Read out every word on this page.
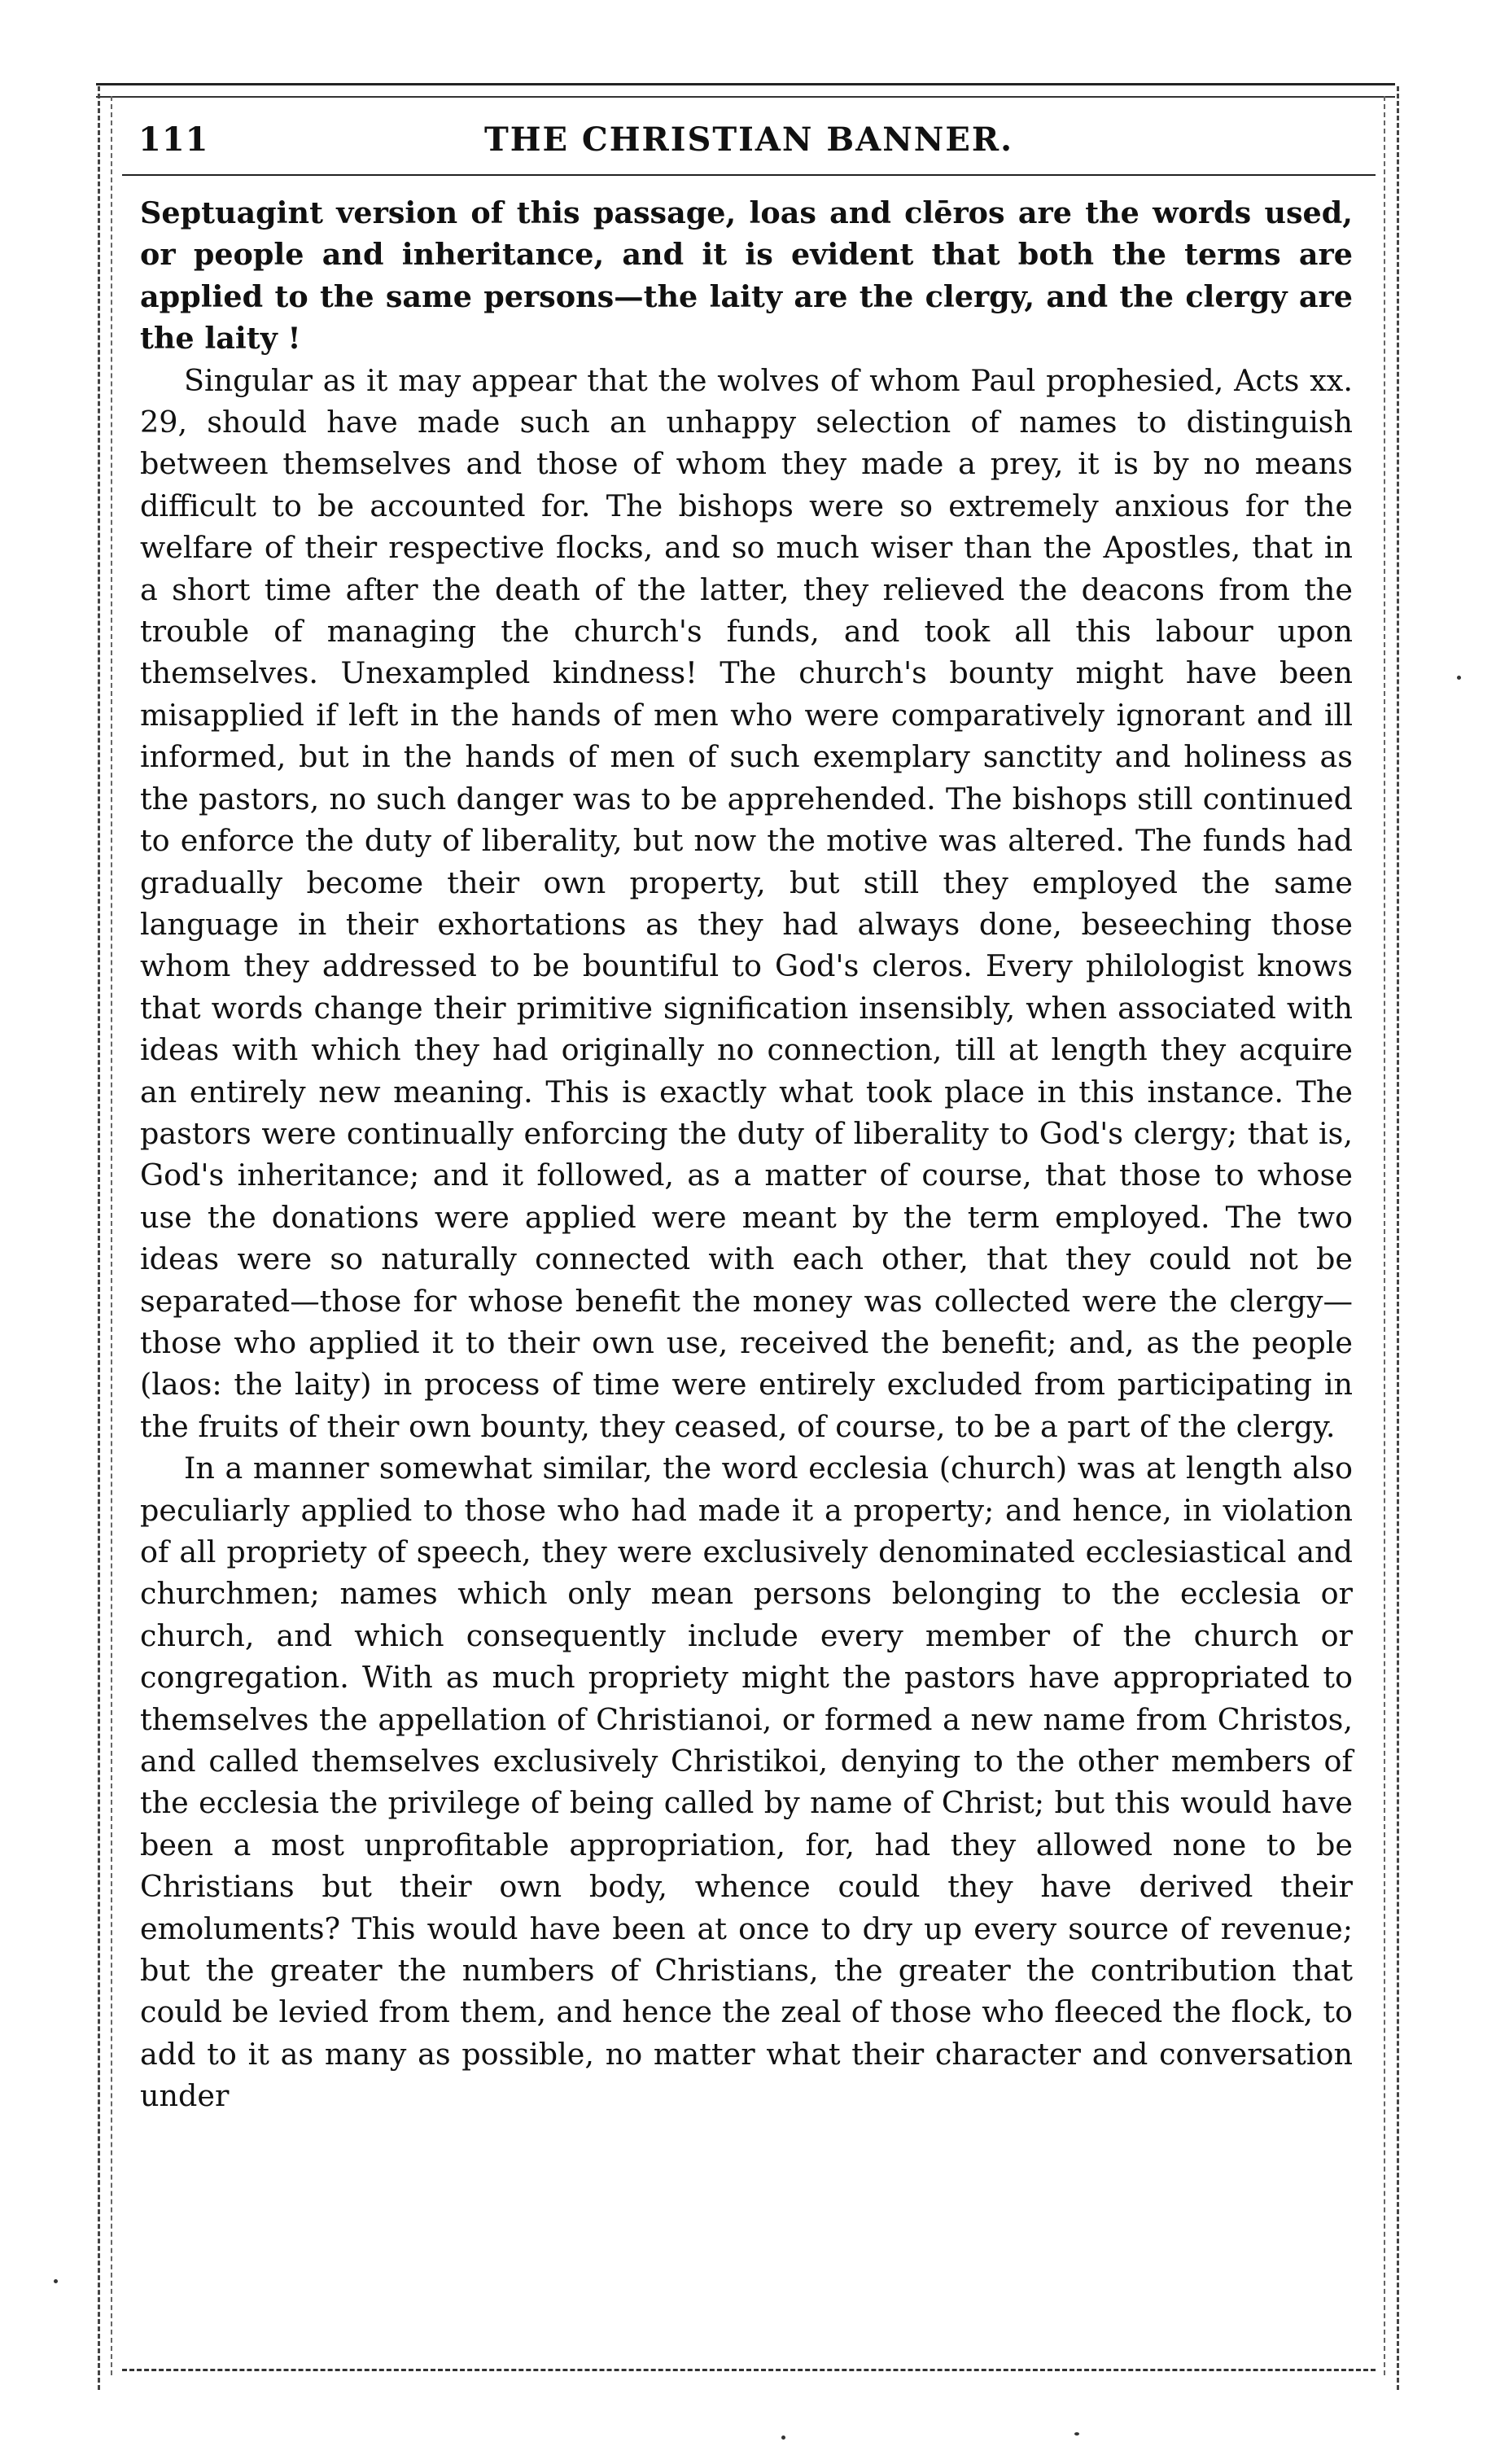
111	THE CHRISTIAN BANNER.

Septuagint version of this passage, loas and clēros are the words used, or people and inheritance, and it is evident that both the terms are applied to the same persons—the laity are the clergy, and the clergy are the laity !

Singular as it may appear that the wolves of whom Paul prophesied, Acts xx. 29, should have made such an unhappy selection of names to distinguish between themselves and those of whom they made a prey, it is by no means difficult to be accounted for. The bishops were so extremely anxious for the welfare of their respective flocks, and so much wiser than the Apostles, that in a short time after the death of the latter, they relieved the deacons from the trouble of managing the church's funds, and took all this labour upon themselves. Unexampled kindness! The church's bounty might have been misapplied if left in the hands of men who were comparatively ignorant and ill informed, but in the hands of men of such exemplary sanctity and holiness as the pastors, no such danger was to be apprehended. The bishops still continued to enforce the duty of liberality, but now the motive was altered. The funds had gradually become their own property, but still they employed the same language in their exhortations as they had always done, beseeching those whom they addressed to be bountiful to God's cleros. Every philologist knows that words change their primitive signification insensibly, when associated with ideas with which they had originally no connection, till at length they acquire an entirely new meaning. This is exactly what took place in this instance. The pastors were continually enforcing the duty of liberality to God's clergy; that is, God's inheritance; and it followed, as a matter of course, that those to whose use the donations were applied were meant by the term employed. The two ideas were so naturally connected with each other, that they could not be separated—those for whose benefit the money was collected were the clergy—those who applied it to their own use, received the benefit; and, as the people (laos: the laity) in process of time were entirely excluded from participating in the fruits of their own bounty, they ceased, of course, to be a part of the clergy.

In a manner somewhat similar, the word ecclesia (church) was at length also peculiarly applied to those who had made it a property; and hence, in violation of all propriety of speech, they were exclusively denominated ecclesiastical and churchmen; names which only mean persons belonging to the ecclesia or church, and which consequently include every member of the church or congregation. With as much propriety might the pastors have appropriated to themselves the appellation of Christianoi, or formed a new name from Christos, and called themselves exclusively Christikoi, denying to the other members of the ecclesia the privilege of being called by name of Christ; but this would have been a most unprofitable appropriation, for, had they allowed none to be Christians but their own body, whence could they have derived their emoluments? This would have been at once to dry up every source of revenue; but the greater the numbers of Christians, the greater the contribution that could be levied from them, and hence the zeal of those who fleeced the flock, to add to it as many as possible, no matter what their character and conversation under
